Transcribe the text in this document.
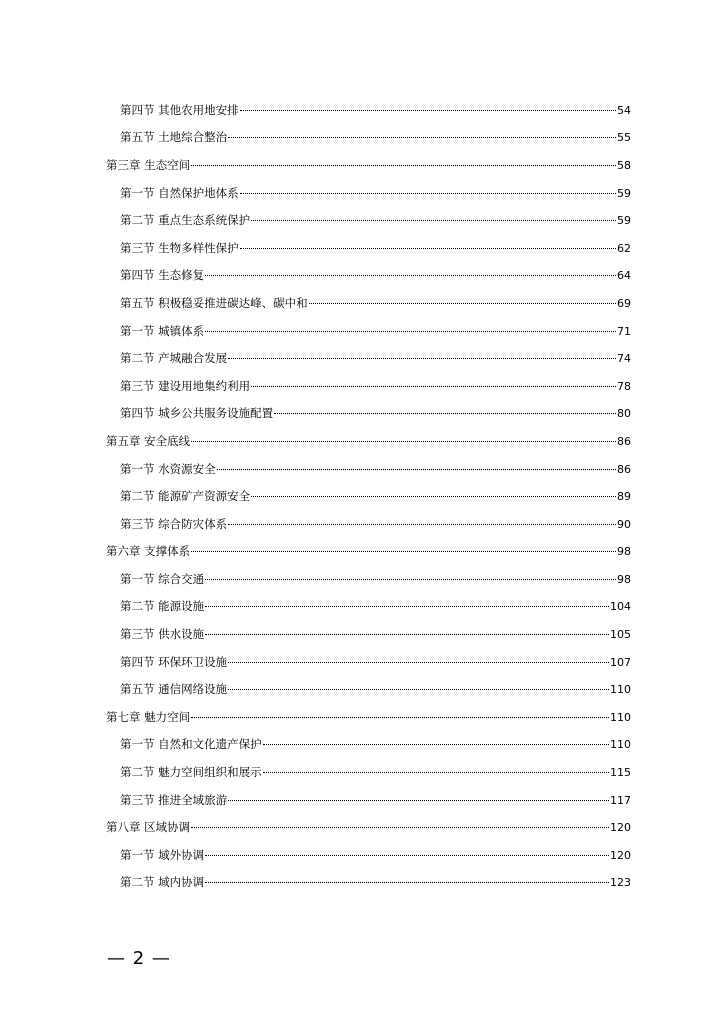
第四节 其他农用地安排	54
第五节 土地综合整治	55
第三章 生态空间	58
第一节 自然保护地体系	59
第二节 重点生态系统保护	59
第三节 生物多样性保护	62
第四节 生态修复	64
第五节 积极稳妥推进碳达峰、碳中和	69
第一节 城镇体系	71
第二节 产城融合发展	74
第三节 建设用地集约利用	78
第四节 城乡公共服务设施配置	80
第五章 安全底线	86
第一节 水资源安全	86
第二节 能源矿产资源安全	89
第三节 综合防灾体系	90
第六章 支撑体系	98
第一节 综合交通	98
第二节 能源设施	104
第三节 供水设施	105
第四节 环保环卫设施	107
第五节 通信网络设施	110
第七章 魅力空间	110
第一节 自然和文化遗产保护	110
第二节 魅力空间组织和展示	115
第三节 推进全域旅游	117
第八章 区域协调	120
第一节 域外协调	120
第二节 域内协调	123
— 2 —
